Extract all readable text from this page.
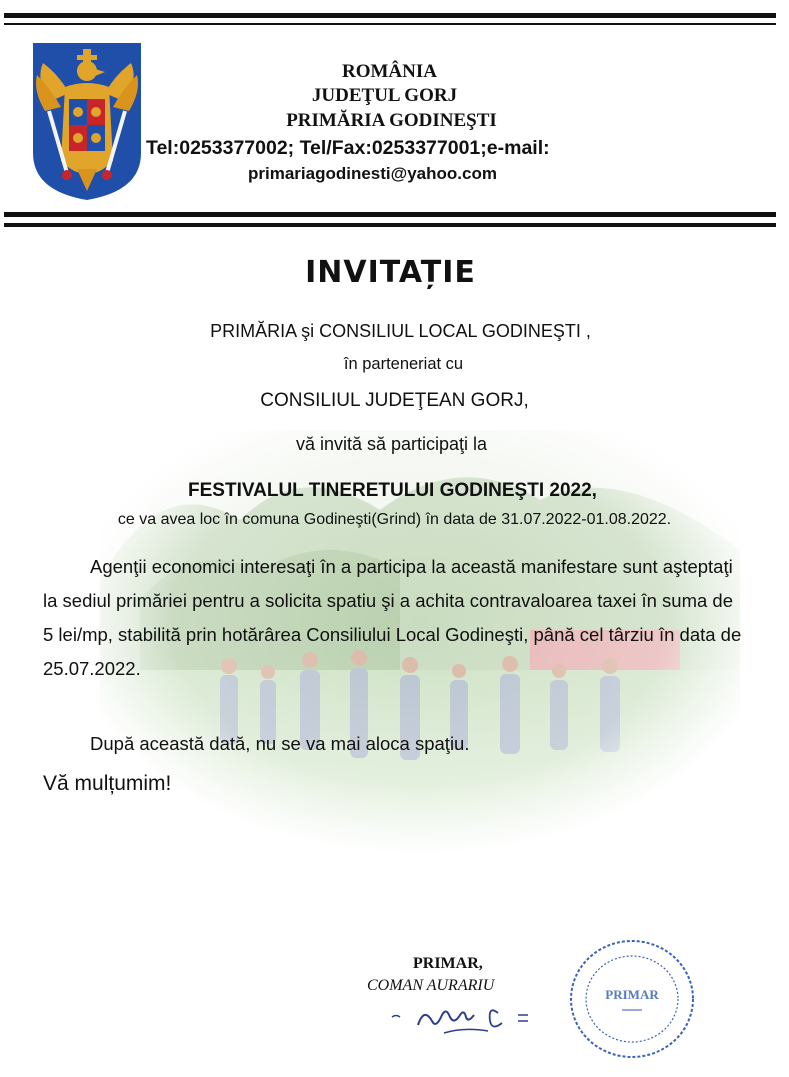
ROMÂNIA
JUDEŢUL GORJ
PRIMĂRIA GODINEŞTI
Tel:0253377002; Tel/Fax:0253377001;e-mail:
primariagodinesti@yahoo.com
INVITAȚIE
PRIMĂRIA şi CONSILIUL LOCAL GODINEŞTI ,
în parteneriat cu
CONSILIUL JUDEŢEAN GORJ,
vă invită să participaţi la
FESTIVALUL TINERETULUI GODINEŞTI 2022,
ce va avea loc în comuna Godineşti(Grind) în data de 31.07.2022-01.08.2022.
Agenţii economici interesaţi în a participa la această manifestare sunt aşteptaţi la sediul primăriei pentru a solicita spatiu şi a achita contravaloarea taxei în suma de 5 lei/mp, stabilită prin hotărârea Consiliului Local Godineşti, până cel târziu în data de 25.07.2022.
După această dată, nu se va mai aloca spaţiu.
Vă mulțumim!
PRIMAR,
COMAN AURARIU
PRIMAR
